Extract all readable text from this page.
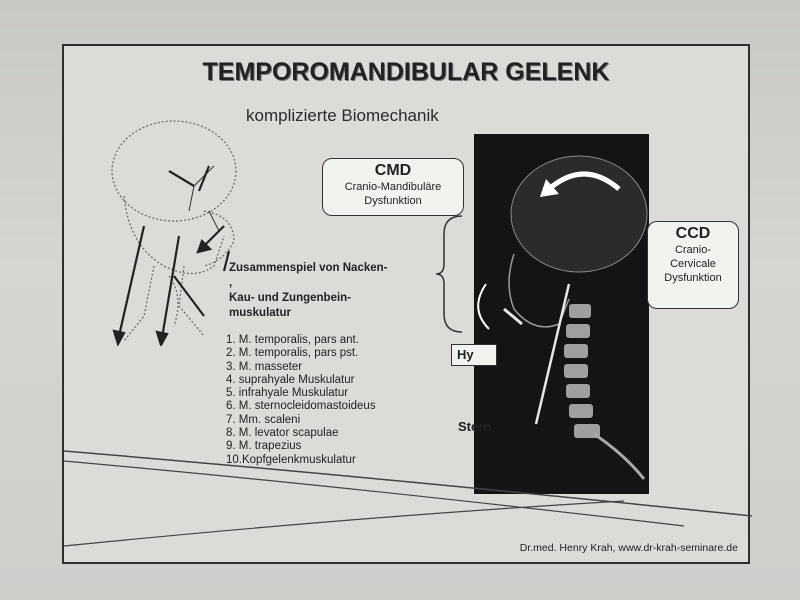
TEMPOROMANDIBULAR GELENK
komplizierte Biomechanik
CMD
Cranio-Mandibuläre
Dysfunktion
CCD
Cranio-
Cervicale
Dysfunktion
Hy
Stern
Zusammenspiel von Nacken-
,
Kau- und Zungenbein-
muskulatur
1. M. temporalis, pars ant.
2. M. temporalis, pars pst.
3. M. masseter
4. suprahyale Muskulatur
5. infrahyale Muskulatur
6. M. sternocleidomastoideus
7. Mm. scaleni
8. M. levator scapulae
9. M. trapezius
10.Kopfgelenkmuskulatur
Dr.med. Henry Krah, www.dr-krah-seminare.de
